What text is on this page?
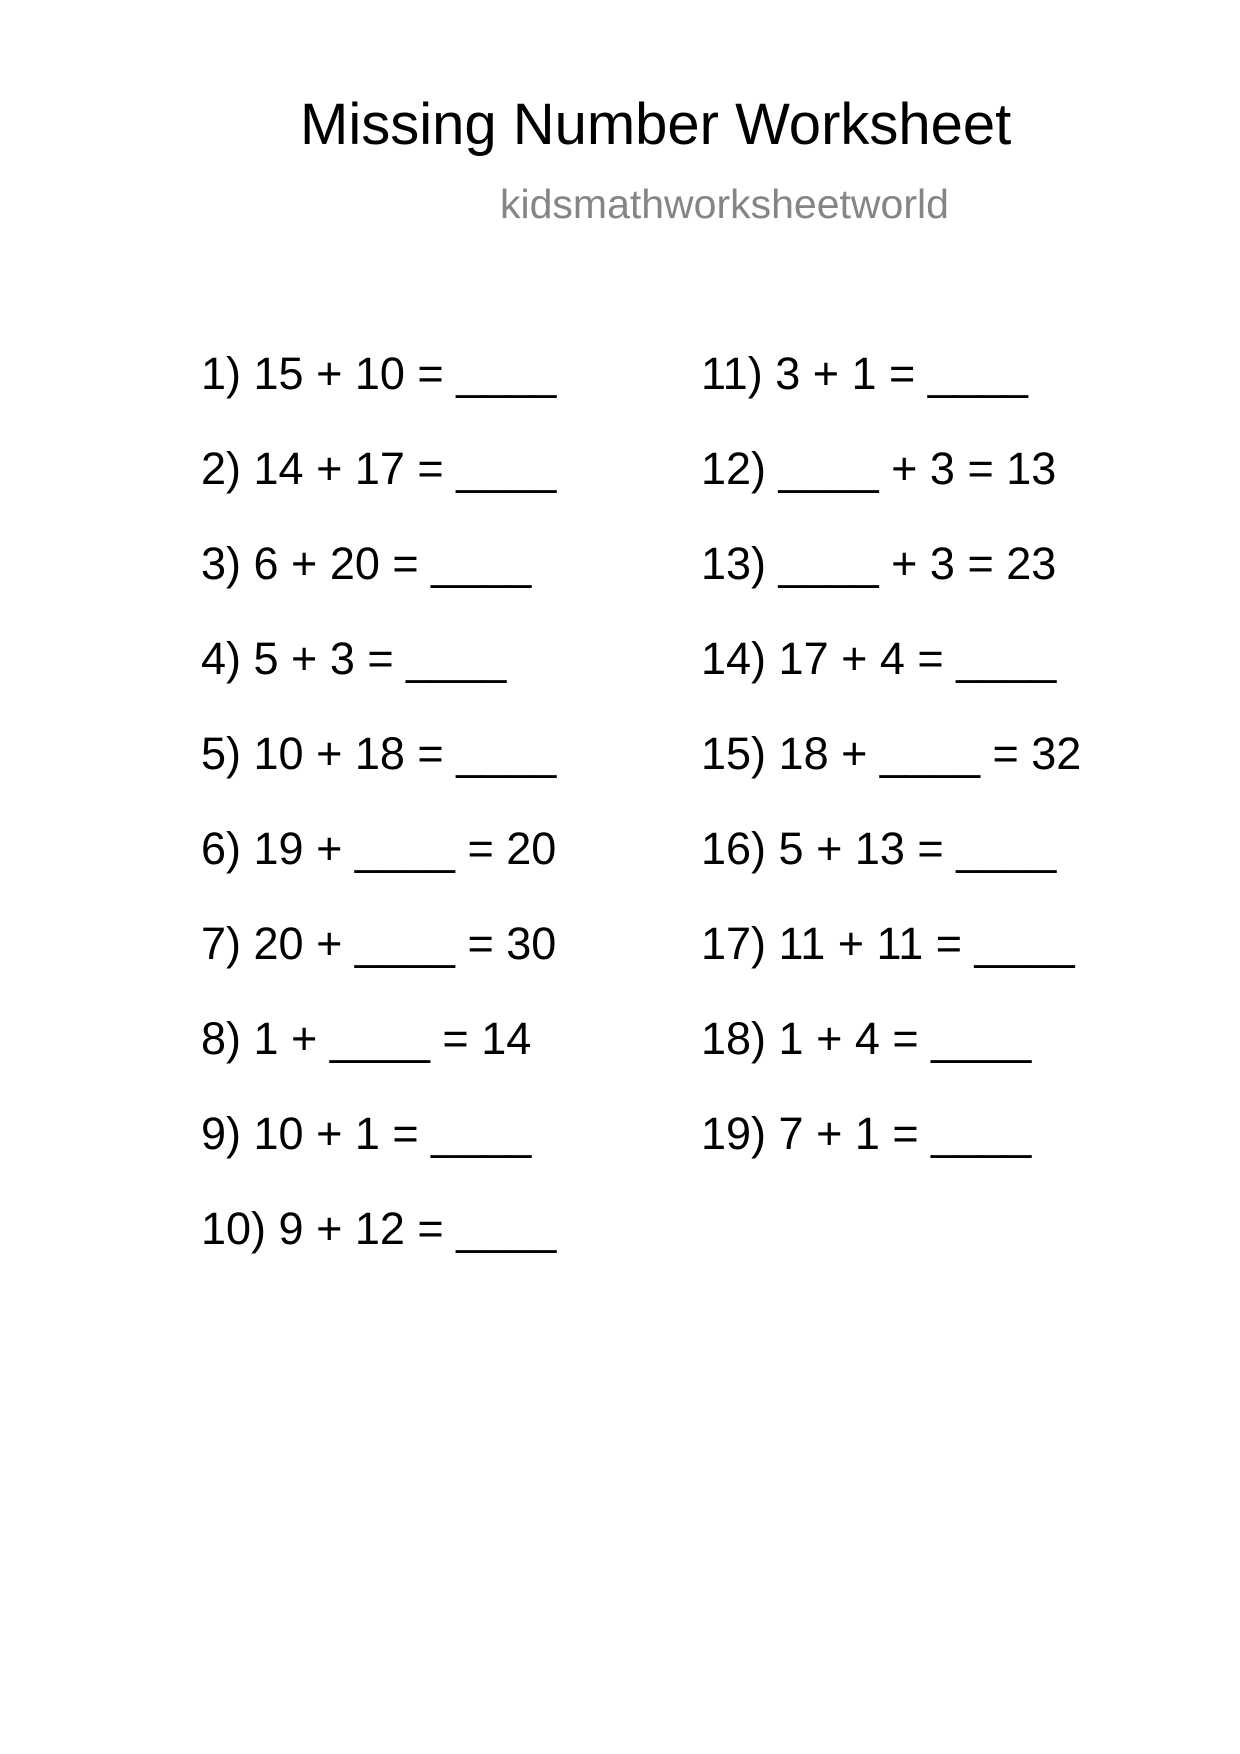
Missing Number Worksheet
kidsmathworksheetworld
1) 15 + 10 = ____
2) 14 + 17 = ____
3) 6 + 20 = ____
4) 5 + 3 = ____
5) 10 + 18 = ____
6) 19 + ____ = 20
7) 20 + ____ = 30
8) 1 + ____ = 14
9) 10 + 1 = ____
10) 9 + 12 = ____
11) 3 + 1 = ____
12) ____ + 3 = 13
13) ____ + 3 = 23
14) 17 + 4 = ____
15) 18 + ____ = 32
16) 5 + 13 = ____
17) 11 + 11 = ____
18) 1 + 4 = ____
19) 7 + 1 = ____
